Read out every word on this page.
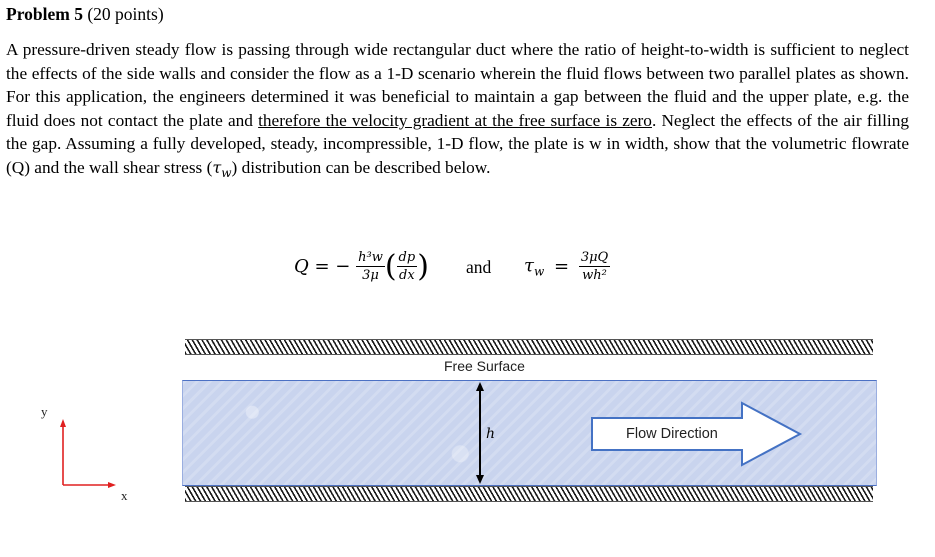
Problem 5 (20 points)
A pressure-driven steady flow is passing through wide rectangular duct where the ratio of height-to-width is sufficient to neglect the effects of the side walls and consider the flow as a 1-D scenario wherein the fluid flows between two parallel plates as shown. For this application, the engineers determined it was beneficial to maintain a gap between the fluid and the upper plate, e.g. the fluid does not contact the plate and therefore the velocity gradient at the free surface is zero. Neglect the effects of the air filling the gap. Assuming a fully developed, steady, incompressible, 1-D flow, the plate is w in width, show that the volumetric flowrate (Q) and the wall shear stress $(\tau_w)$ distribution can be described below.
Q = − $\frac{\text{h³w}}{3\mu}$ ( $\frac{dp}{dx}$ ) and $\tau_w = \frac{3\mu Q}{\text{wh²}}$
Free Surface
h	Flow Direction
y
x
